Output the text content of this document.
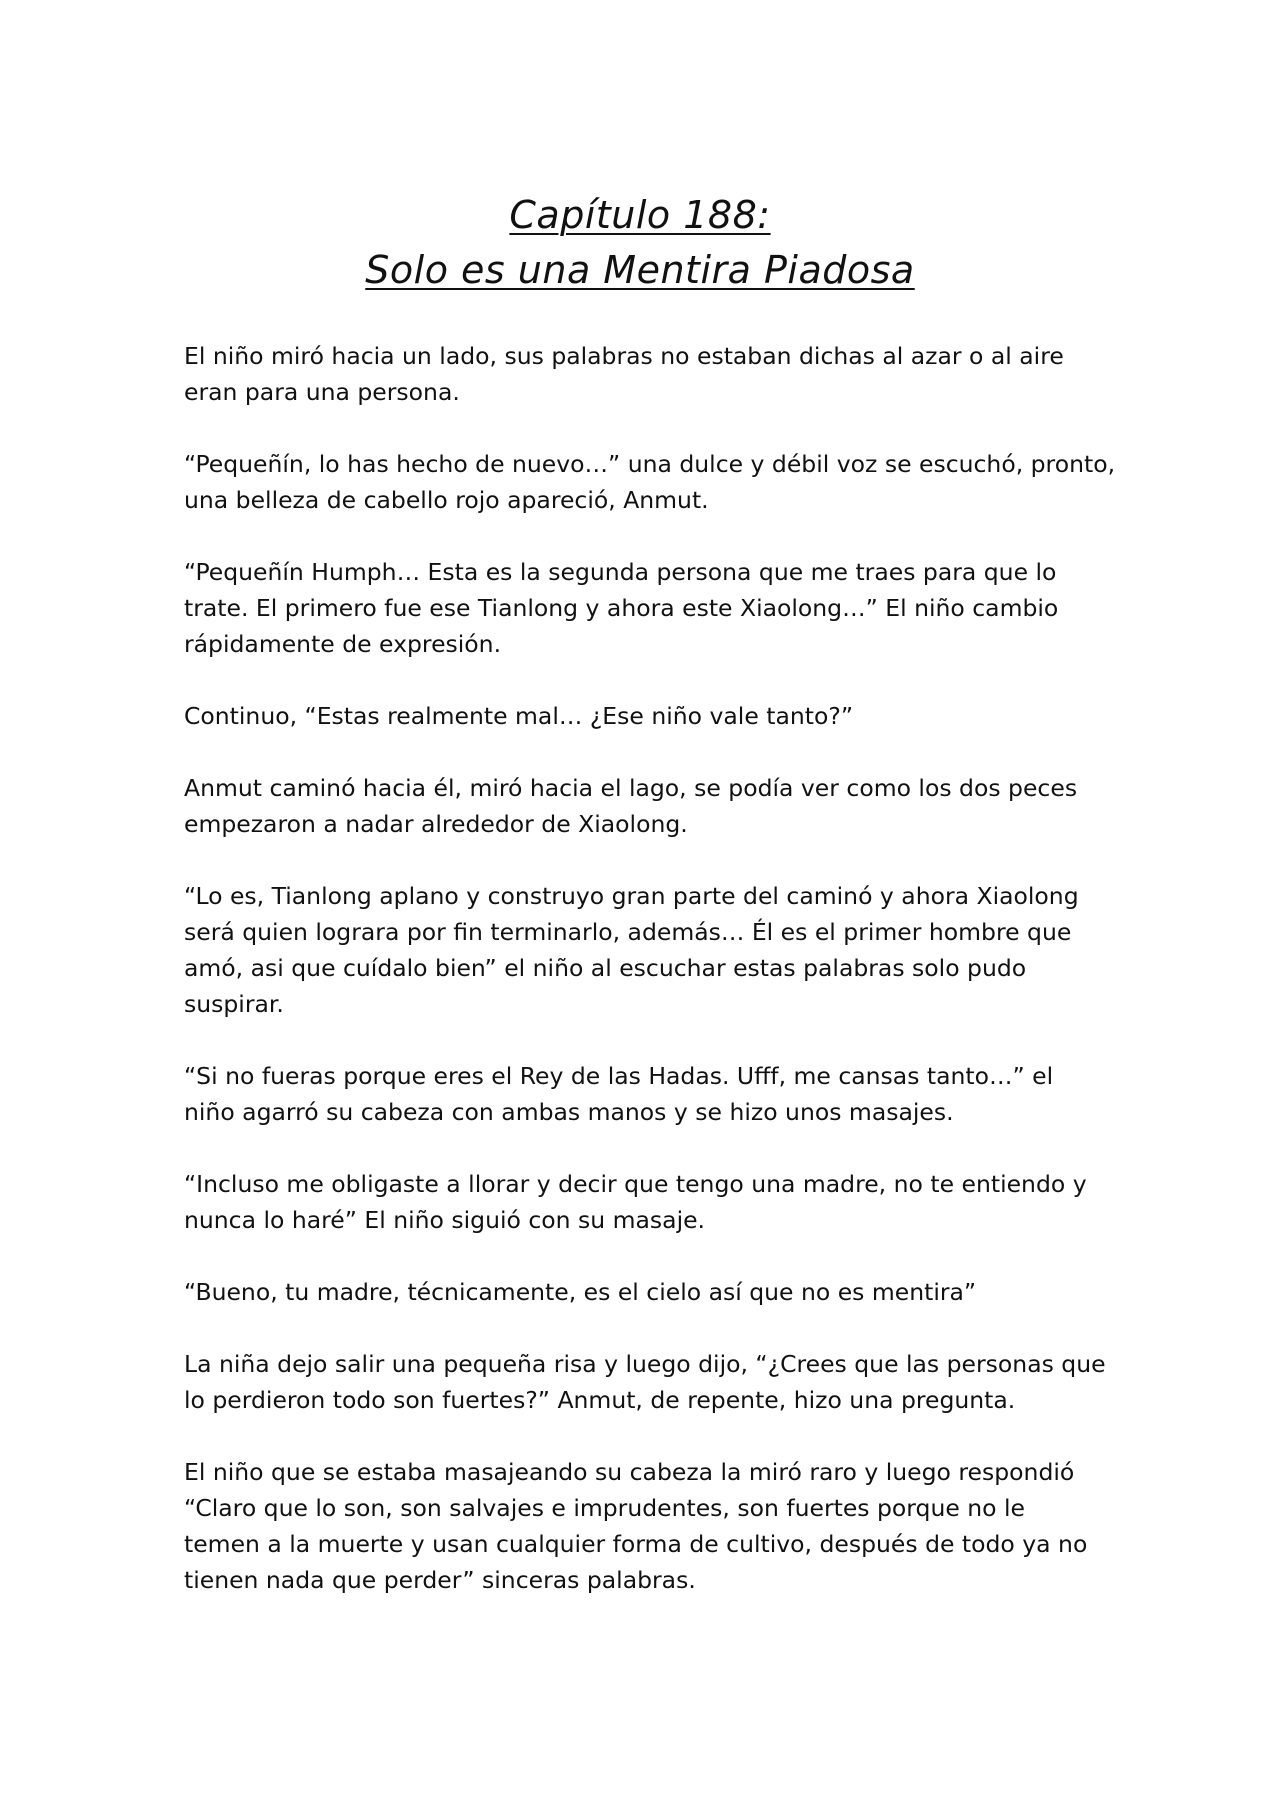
Capítulo 188:
Solo es una Mentira Piadosa

El niño miró hacia un lado, sus palabras no estaban dichas al azar o al aire
eran para una persona.

“Pequeñín, lo has hecho de nuevo…” una dulce y débil voz se escuchó, pronto,
una belleza de cabello rojo apareció, Anmut.

“Pequeñín Humph… Esta es la segunda persona que me traes para que lo
trate. El primero fue ese Tianlong y ahora este Xiaolong…” El niño cambio
rápidamente de expresión.

Continuo, “Estas realmente mal… ¿Ese niño vale tanto?”

Anmut caminó hacia él, miró hacia el lago, se podía ver como los dos peces
empezaron a nadar alrededor de Xiaolong.

“Lo es, Tianlong aplano y construyo gran parte del caminó y ahora Xiaolong
será quien lograra por fin terminarlo, además… Él es el primer hombre que
amó, asi que cuídalo bien” el niño al escuchar estas palabras solo pudo
suspirar.

“Si no fueras porque eres el Rey de las Hadas. Ufff, me cansas tanto…” el
niño agarró su cabeza con ambas manos y se hizo unos masajes.

“Incluso me obligaste a llorar y decir que tengo una madre, no te entiendo y
nunca lo haré” El niño siguió con su masaje.

“Bueno, tu madre, técnicamente, es el cielo así que no es mentira”

La niña dejo salir una pequeña risa y luego dijo, “¿Crees que las personas que
lo perdieron todo son fuertes?” Anmut, de repente, hizo una pregunta.

El niño que se estaba masajeando su cabeza la miró raro y luego respondió
“Claro que lo son, son salvajes e imprudentes, son fuertes porque no le
temen a la muerte y usan cualquier forma de cultivo, después de todo ya no
tienen nada que perder” sinceras palabras.
